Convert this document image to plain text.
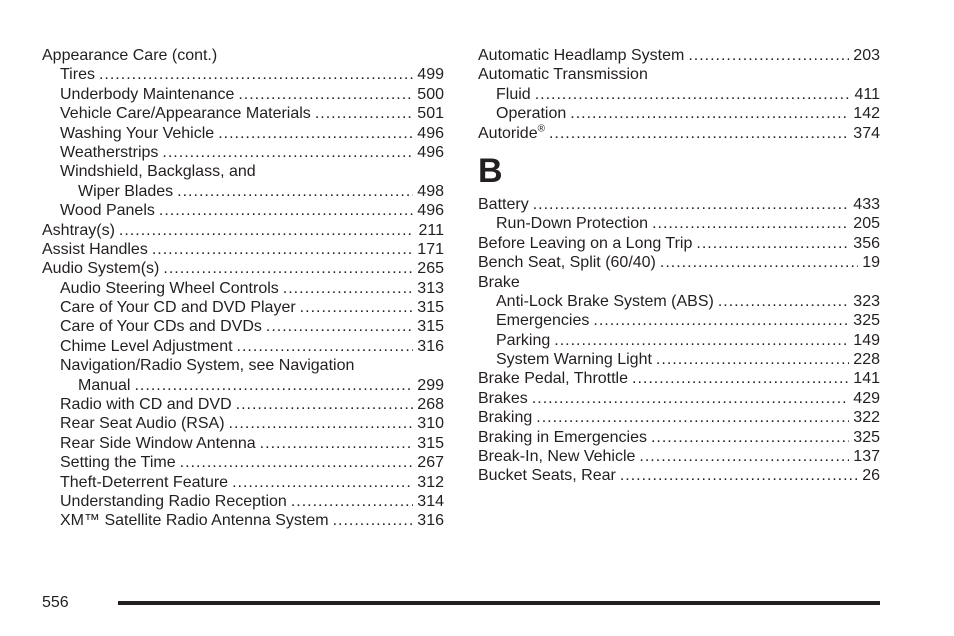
Appearance Care (cont.)
Tires .....	499
Underbody Maintenance .....	500
Vehicle Care/Appearance Materials .....	501
Washing Your Vehicle .....	496
Weatherstrips .....	496
Windshield, Backglass, and
Wiper Blades .....	498
Wood Panels .....	496
Ashtray(s) .....	211
Assist Handles .....	171
Audio System(s) .....	265
Audio Steering Wheel Controls .....	313
Care of Your CD and DVD Player .....	315
Care of Your CDs and DVDs .....	315
Chime Level Adjustment .....	316
Navigation/Radio System, see Navigation
Manual .....	299
Radio with CD and DVD .....	268
Rear Seat Audio (RSA) .....	310
Rear Side Window Antenna .....	315
Setting the Time .....	267
Theft-Deterrent Feature .....	312
Understanding Radio Reception .....	314
XM™ Satellite Radio Antenna System .....	316
Automatic Headlamp System .....	203
Automatic Transmission
Fluid .....	411
Operation .....	142
Autoride® .....	374
B
Battery .....	433
Run-Down Protection .....	205
Before Leaving on a Long Trip .....	356
Bench Seat, Split (60/40) .....	19
Brake
Anti-Lock Brake System (ABS) .....	323
Emergencies .....	325
Parking .....	149
System Warning Light .....	228
Brake Pedal, Throttle .....	141
Brakes .....	429
Braking .....	322
Braking in Emergencies .....	325
Break-In, New Vehicle .....	137
Bucket Seats, Rear .....	26
556
